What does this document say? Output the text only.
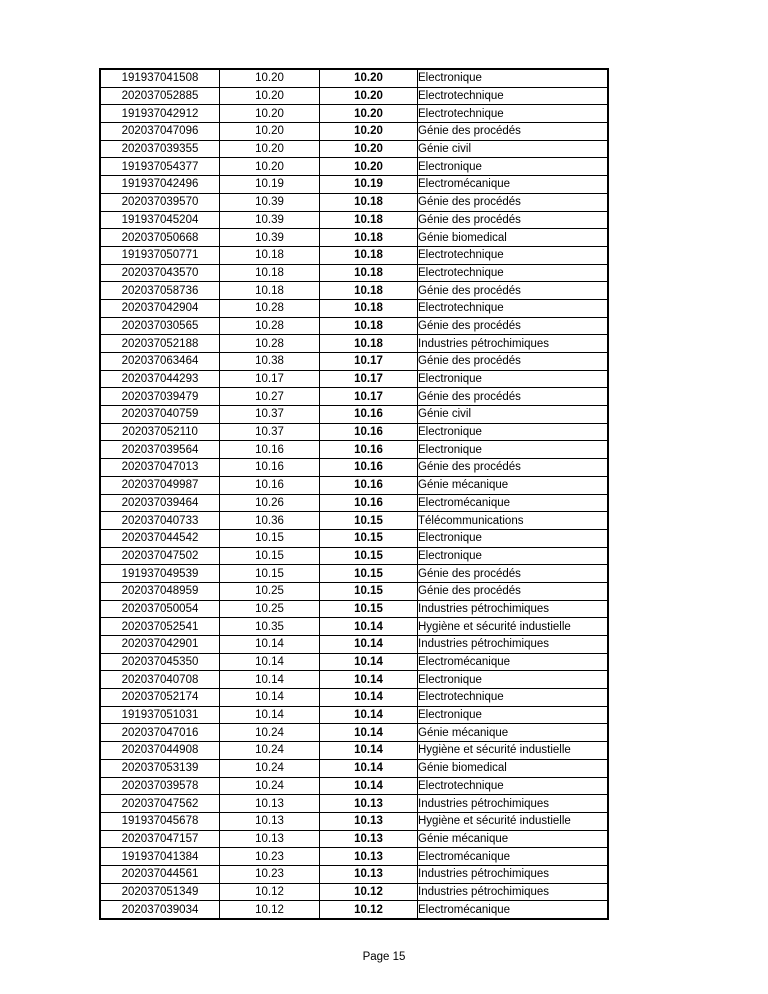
191937041508	10.20	10.20	Electronique
202037052885	10.20	10.20	Electrotechnique
191937042912	10.20	10.20	Electrotechnique
202037047096	10.20	10.20	Génie des procédés
202037039355	10.20	10.20	Génie civil
191937054377	10.20	10.20	Electronique
191937042496	10.19	10.19	Electromécanique
202037039570	10.39	10.18	Génie des procédés
191937045204	10.39	10.18	Génie des procédés
202037050668	10.39	10.18	Génie biomedical
191937050771	10.18	10.18	Electrotechnique
202037043570	10.18	10.18	Electrotechnique
202037058736	10.18	10.18	Génie des procédés
202037042904	10.28	10.18	Electrotechnique
202037030565	10.28	10.18	Génie des procédés
202037052188	10.28	10.18	Industries pétrochimiques
202037063464	10.38	10.17	Génie des procédés
202037044293	10.17	10.17	Electronique
202037039479	10.27	10.17	Génie des procédés
202037040759	10.37	10.16	Génie civil
202037052110	10.37	10.16	Electronique
202037039564	10.16	10.16	Electronique
202037047013	10.16	10.16	Génie des procédés
202037049987	10.16	10.16	Génie mécanique
202037039464	10.26	10.16	Electromécanique
202037040733	10.36	10.15	Télécommunications
202037044542	10.15	10.15	Electronique
202037047502	10.15	10.15	Electronique
191937049539	10.15	10.15	Génie des procédés
202037048959	10.25	10.15	Génie des procédés
202037050054	10.25	10.15	Industries pétrochimiques
202037052541	10.35	10.14	Hygiène et sécurité industielle
202037042901	10.14	10.14	Industries pétrochimiques
202037045350	10.14	10.14	Electromécanique
202037040708	10.14	10.14	Electronique
202037052174	10.14	10.14	Electrotechnique
191937051031	10.14	10.14	Electronique
202037047016	10.24	10.14	Génie mécanique
202037044908	10.24	10.14	Hygiène et sécurité industielle
202037053139	10.24	10.14	Génie biomedical
202037039578	10.24	10.14	Electrotechnique
202037047562	10.13	10.13	Industries pétrochimiques
191937045678	10.13	10.13	Hygiène et sécurité industielle
202037047157	10.13	10.13	Génie mécanique
191937041384	10.23	10.13	Electromécanique
202037044561	10.23	10.13	Industries pétrochimiques
202037051349	10.12	10.12	Industries pétrochimiques
202037039034	10.12	10.12	Electromécanique
Page 15
